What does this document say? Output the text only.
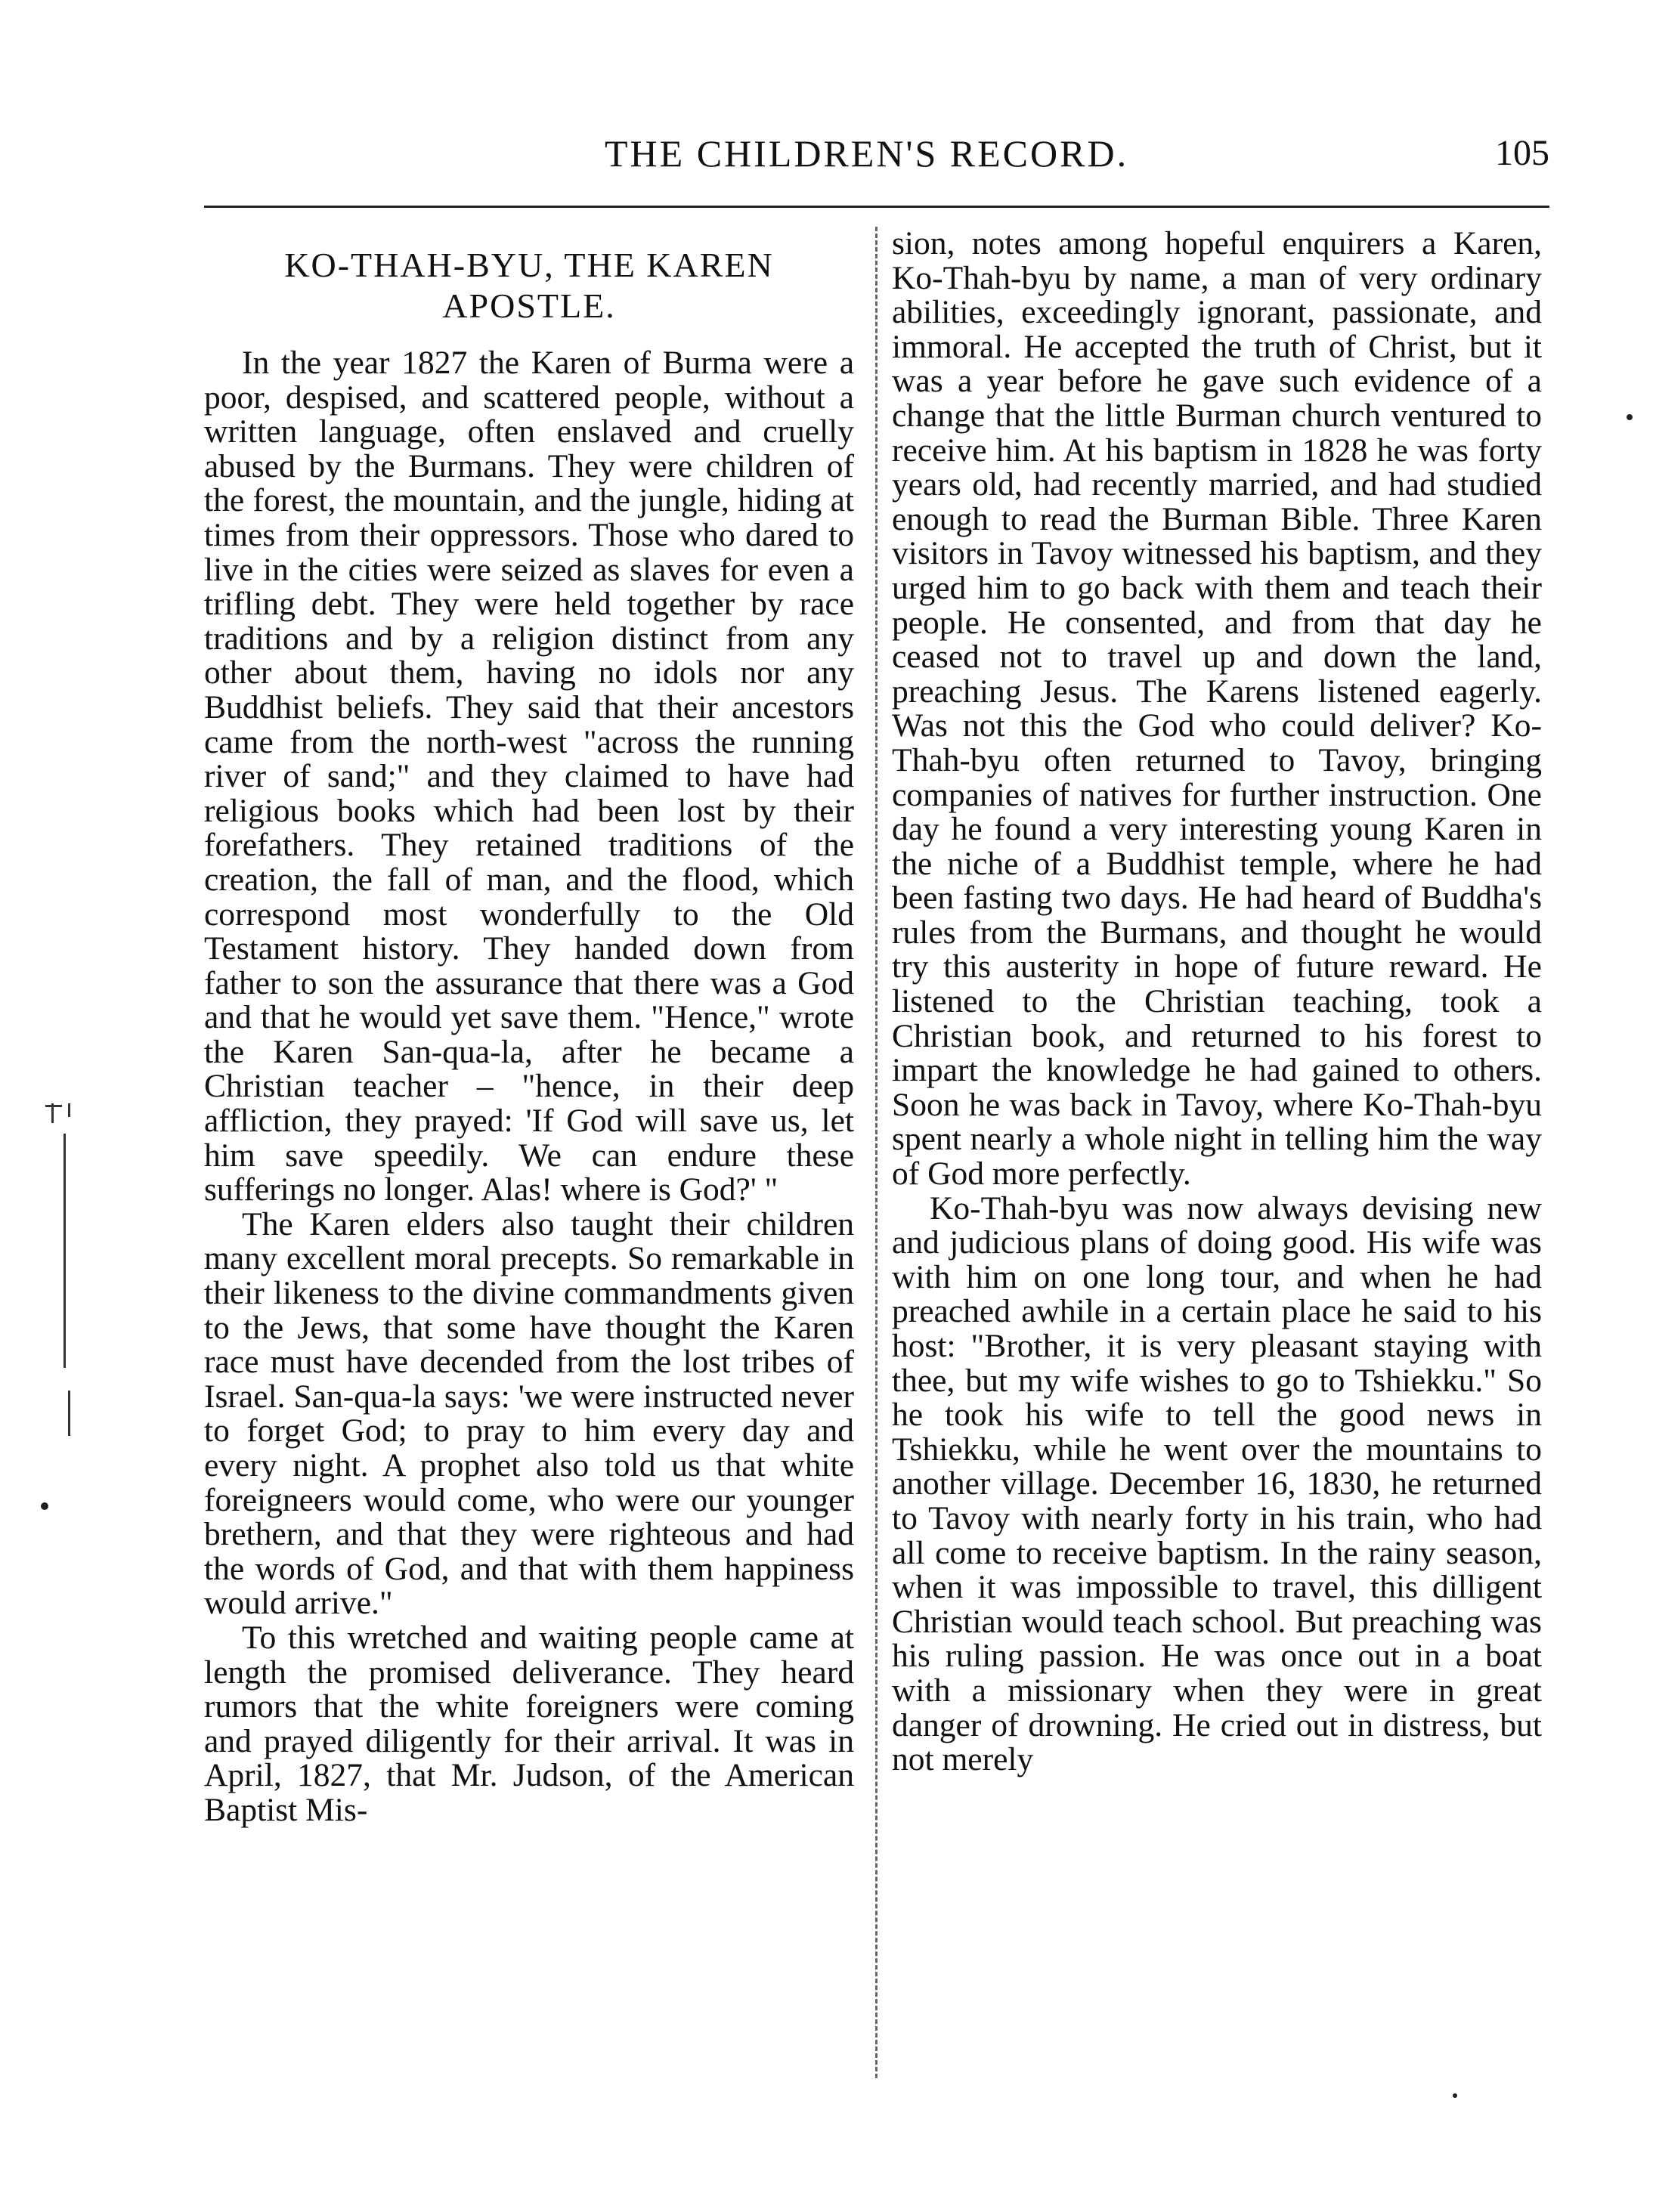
THE CHILDREN'S RECORD.	105
KO-THAH-BYU, THE KAREN APOSTLE.

In the year 1827 the Karen of Burma were a poor, despised, and scattered people, without a written language, often enslaved and cruelly abused by the Burmans. They were children of the forest, the mountain, and the jungle, hiding at times from their oppressors. Those who dared to live in the cities were seized as slaves for even a trifling debt. They were held together by race traditions and by a religion distinct from any other about them, having no idols nor any Buddhist beliefs. They said that their ancestors came from the north-west "across the running river of sand;" and they claimed to have had religious books which had been lost by their forefathers. They retained traditions of the creation, the fall of man, and the flood, which correspond most wonderfully to the Old Testament history. They handed down from father to son the assurance that there was a God and that he would yet save them. "Hence," wrote the Karen San-qua-la, after he became a Christian teacher – "hence, in their deep affliction, they prayed: 'If God will save us, let him save speedily. We can endure these sufferings no longer. Alas! where is God?' "

The Karen elders also taught their children many excellent moral precepts. So remarkable in their likeness to the divine commandments given to the Jews, that some have thought the Karen race must have decended from the lost tribes of Israel. San-qua-la says: 'we were instructed never to forget God; to pray to him every day and every night. A prophet also told us that white foreigneers would come, who were our younger brethern, and that they were righteous and had the words of God, and that with them happiness would arrive."

To this wretched and waiting people came at length the promised deliverance. They heard rumors that the white foreigners were coming and prayed diligently for their arrival. It was in April, 1827, that Mr. Judson, of the American Baptist Mis-

sion, notes among hopeful enquirers a Karen, Ko-Thah-byu by name, a man of very ordinary abilities, exceedingly ignorant, passionate, and immoral. He accepted the truth of Christ, but it was a year before he gave such evidence of a change that the little Burman church ventured to receive him. At his baptism in 1828 he was forty years old, had recently married, and had studied enough to read the Burman Bible. Three Karen visitors in Tavoy witnessed his baptism, and they urged him to go back with them and teach their people. He consented, and from that day he ceased not to travel up and down the land, preaching Jesus. The Karens listened eagerly. Was not this the God who could deliver? Ko-Thah-byu often returned to Tavoy, bringing companies of natives for further instruction. One day he found a very interesting young Karen in the niche of a Buddhist temple, where he had been fasting two days. He had heard of Buddha's rules from the Burmans, and thought he would try this austerity in hope of future reward. He listened to the Christian teaching, took a Christian book, and returned to his forest to impart the knowledge he had gained to others. Soon he was back in Tavoy, where Ko-Thah-byu spent nearly a whole night in telling him the way of God more perfectly.

Ko-Thah-byu was now always devising new and judicious plans of doing good. His wife was with him on one long tour, and when he had preached awhile in a certain place he said to his host: "Brother, it is very pleasant staying with thee, but my wife wishes to go to Tshiekku." So he took his wife to tell the good news in Tshiekku, while he went over the mountains to another village. December 16, 1830, he returned to Tavoy with nearly forty in his train, who had all come to receive baptism. In the rainy season, when it was impossible to travel, this dilligent Christian would teach school. But preaching was his ruling passion. He was once out in a boat with a missionary when they were in great danger of drowning. He cried out in distress, but not merely
